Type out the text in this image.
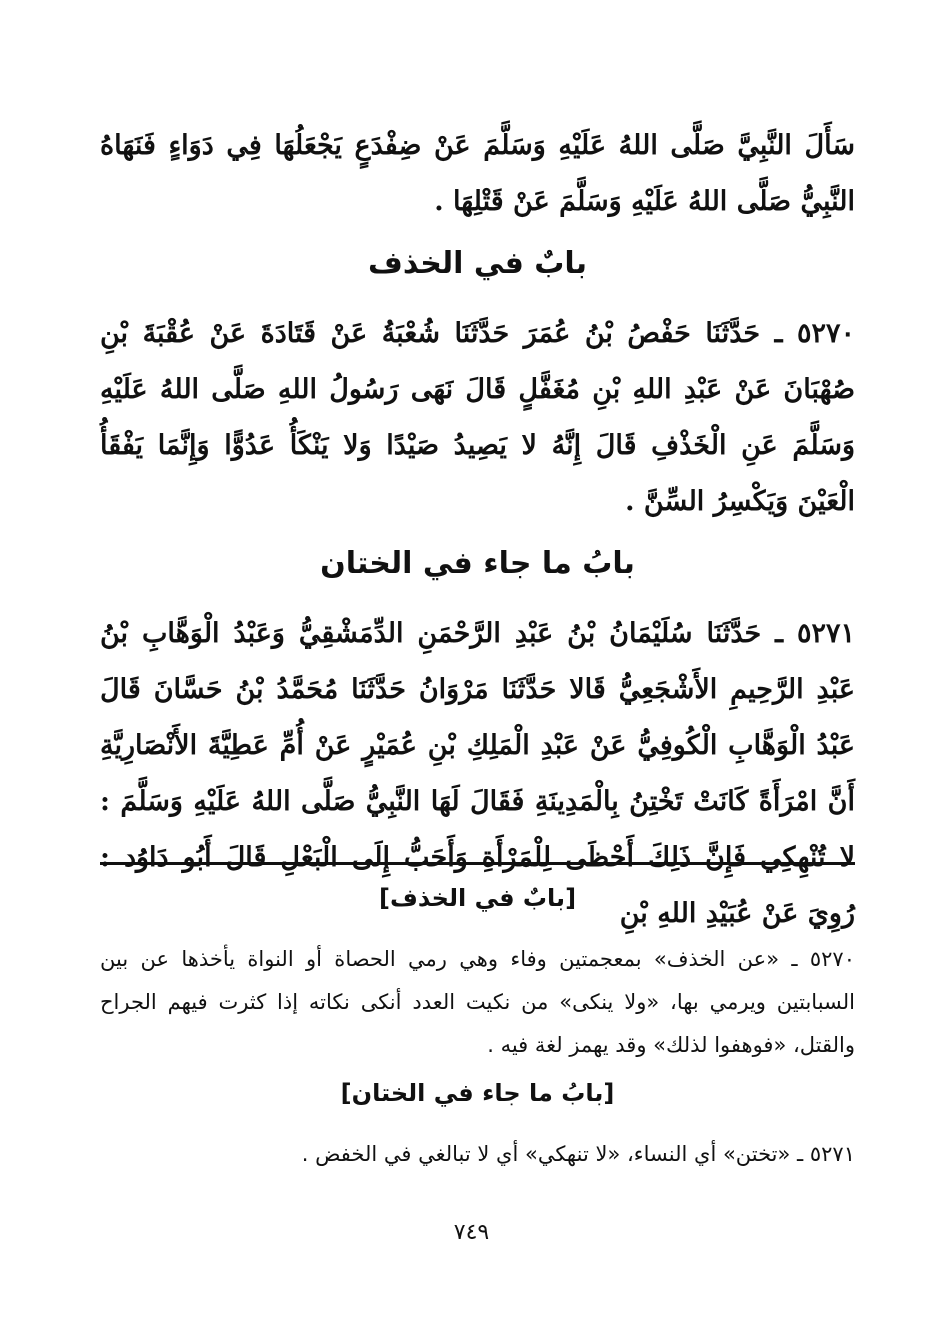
سَأَلَ النَّبِيَّ صَلَّى اللهُ عَلَيْهِ وَسَلَّمَ عَنْ ضِفْدَعٍ يَجْعَلُهَا فِي دَوَاءٍ فَنَهَاهُ النَّبِيُّ صَلَّى اللهُ عَلَيْهِ وَسَلَّمَ عَنْ قَتْلِهَا .

بابٌ في الخذف

٥٢٧٠ ـ حَدَّثَنَا حَفْصُ بْنُ عُمَرَ حَدَّثَنَا شُعْبَةُ عَنْ قَتَادَةَ عَنْ عُقْبَةَ بْنِ صُهْبَانَ عَنْ عَبْدِ اللهِ بْنِ مُغَفَّلٍ قَالَ نَهَى رَسُولُ اللهِ صَلَّى اللهُ عَلَيْهِ وَسَلَّمَ عَنِ الْخَذْفِ قَالَ إِنَّهُ لا يَصِيدُ صَيْدًا وَلا يَنْكَأُ عَدُوًّا وَإِنَّمَا يَفْقَأُ الْعَيْنَ وَيَكْسِرُ السِّنَّ .

بابُ ما جاء في الختان

٥٢٧١ ـ حَدَّثَنَا سُلَيْمَانُ بْنُ عَبْدِ الرَّحْمَنِ الدِّمَشْقِيُّ وَعَبْدُ الْوَهَّابِ بْنُ عَبْدِ الرَّحِيمِ الأَشْجَعِيُّ قَالا حَدَّثَنَا مَرْوَانُ حَدَّثَنَا مُحَمَّدُ بْنُ حَسَّانَ قَالَ عَبْدُ الْوَهَّابِ الْكُوفِيُّ عَنْ عَبْدِ الْمَلِكِ بْنِ عُمَيْرٍ عَنْ أُمِّ عَطِيَّةَ الأَنْصَارِيَّةِ أَنَّ امْرَأَةً كَانَتْ تَخْتِنُ بِالْمَدِينَةِ فَقَالَ لَهَا النَّبِيُّ صَلَّى اللهُ عَلَيْهِ وَسَلَّمَ : لا تُنْهِكِي فَإِنَّ ذَلِكَ أَحْظَى لِلْمَرْأَةِ وَأَحَبُّ إِلَى الْبَعْلِ قَالَ أَبُو دَاوُد : رُوِيَ عَنْ عُبَيْدِ اللهِ بْنِ

[بابٌ في الخذف]

٥٢٧٠ ـ «عن الخذف» بمعجمتين وفاء وهي رمي الحصاة أو النواة يأخذها عن بين السبابتين ويرمي بها، «ولا ينكى» من نكيت العدد أنكى نكاته إذا كثرت فيهم الجراح والقتل، «فوهفوا لذلك» وقد يهمز لغة فيه .

[بابُ ما جاء في الختان]

٥٢٧١ ـ «تختن» أي النساء، «لا تنهكي» أي لا تبالغي في الخفض .

٧٤٩
